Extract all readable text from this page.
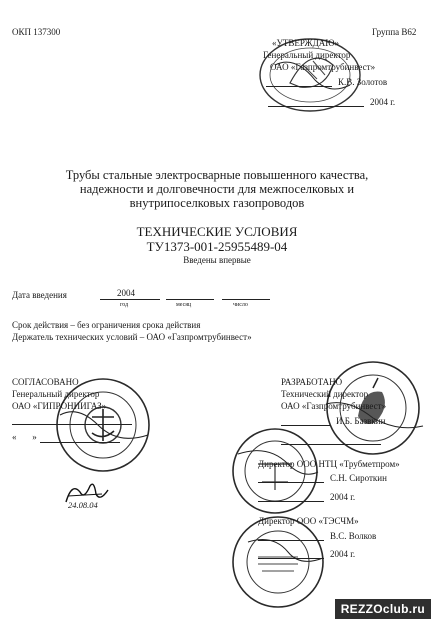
ОКП 137300	Группа В62
«УТВЕРЖДАЮ»
Генеральный директор
ОАО «Газпромтрубинвест»
К.В. Золотов
2004 г.
Трубы стальные электросварные повышенного качества,
надежности и долговечности для межпоселковых и
внутрипоселковых газопроводов
ТЕХНИЧЕСКИЕ УСЛОВИЯ
ТУ1373-001-25955489-04
Введены впервые
Дата введения	2004
год	месяц	число
Срок действия – без ограничения срока действия
Держатель технических условий – ОАО «Газпромтрубинвест»
СОГЛАСОВАНО
Генеральный директор
ОАО «ГИПРОНИИГАЗ»
«       »
24.08.04
РАЗРАБОТАНО
Технический директор
ОАО «Газпромтрубинвест»
И.Б. Базвкин
Директор ООО НТЦ «Трубметпром»
С.Н. Сироткин
2004 г.
Директор ООО «ТЭСЧМ»
В.С. Волков
2004 г.
REZZOclub.ru
